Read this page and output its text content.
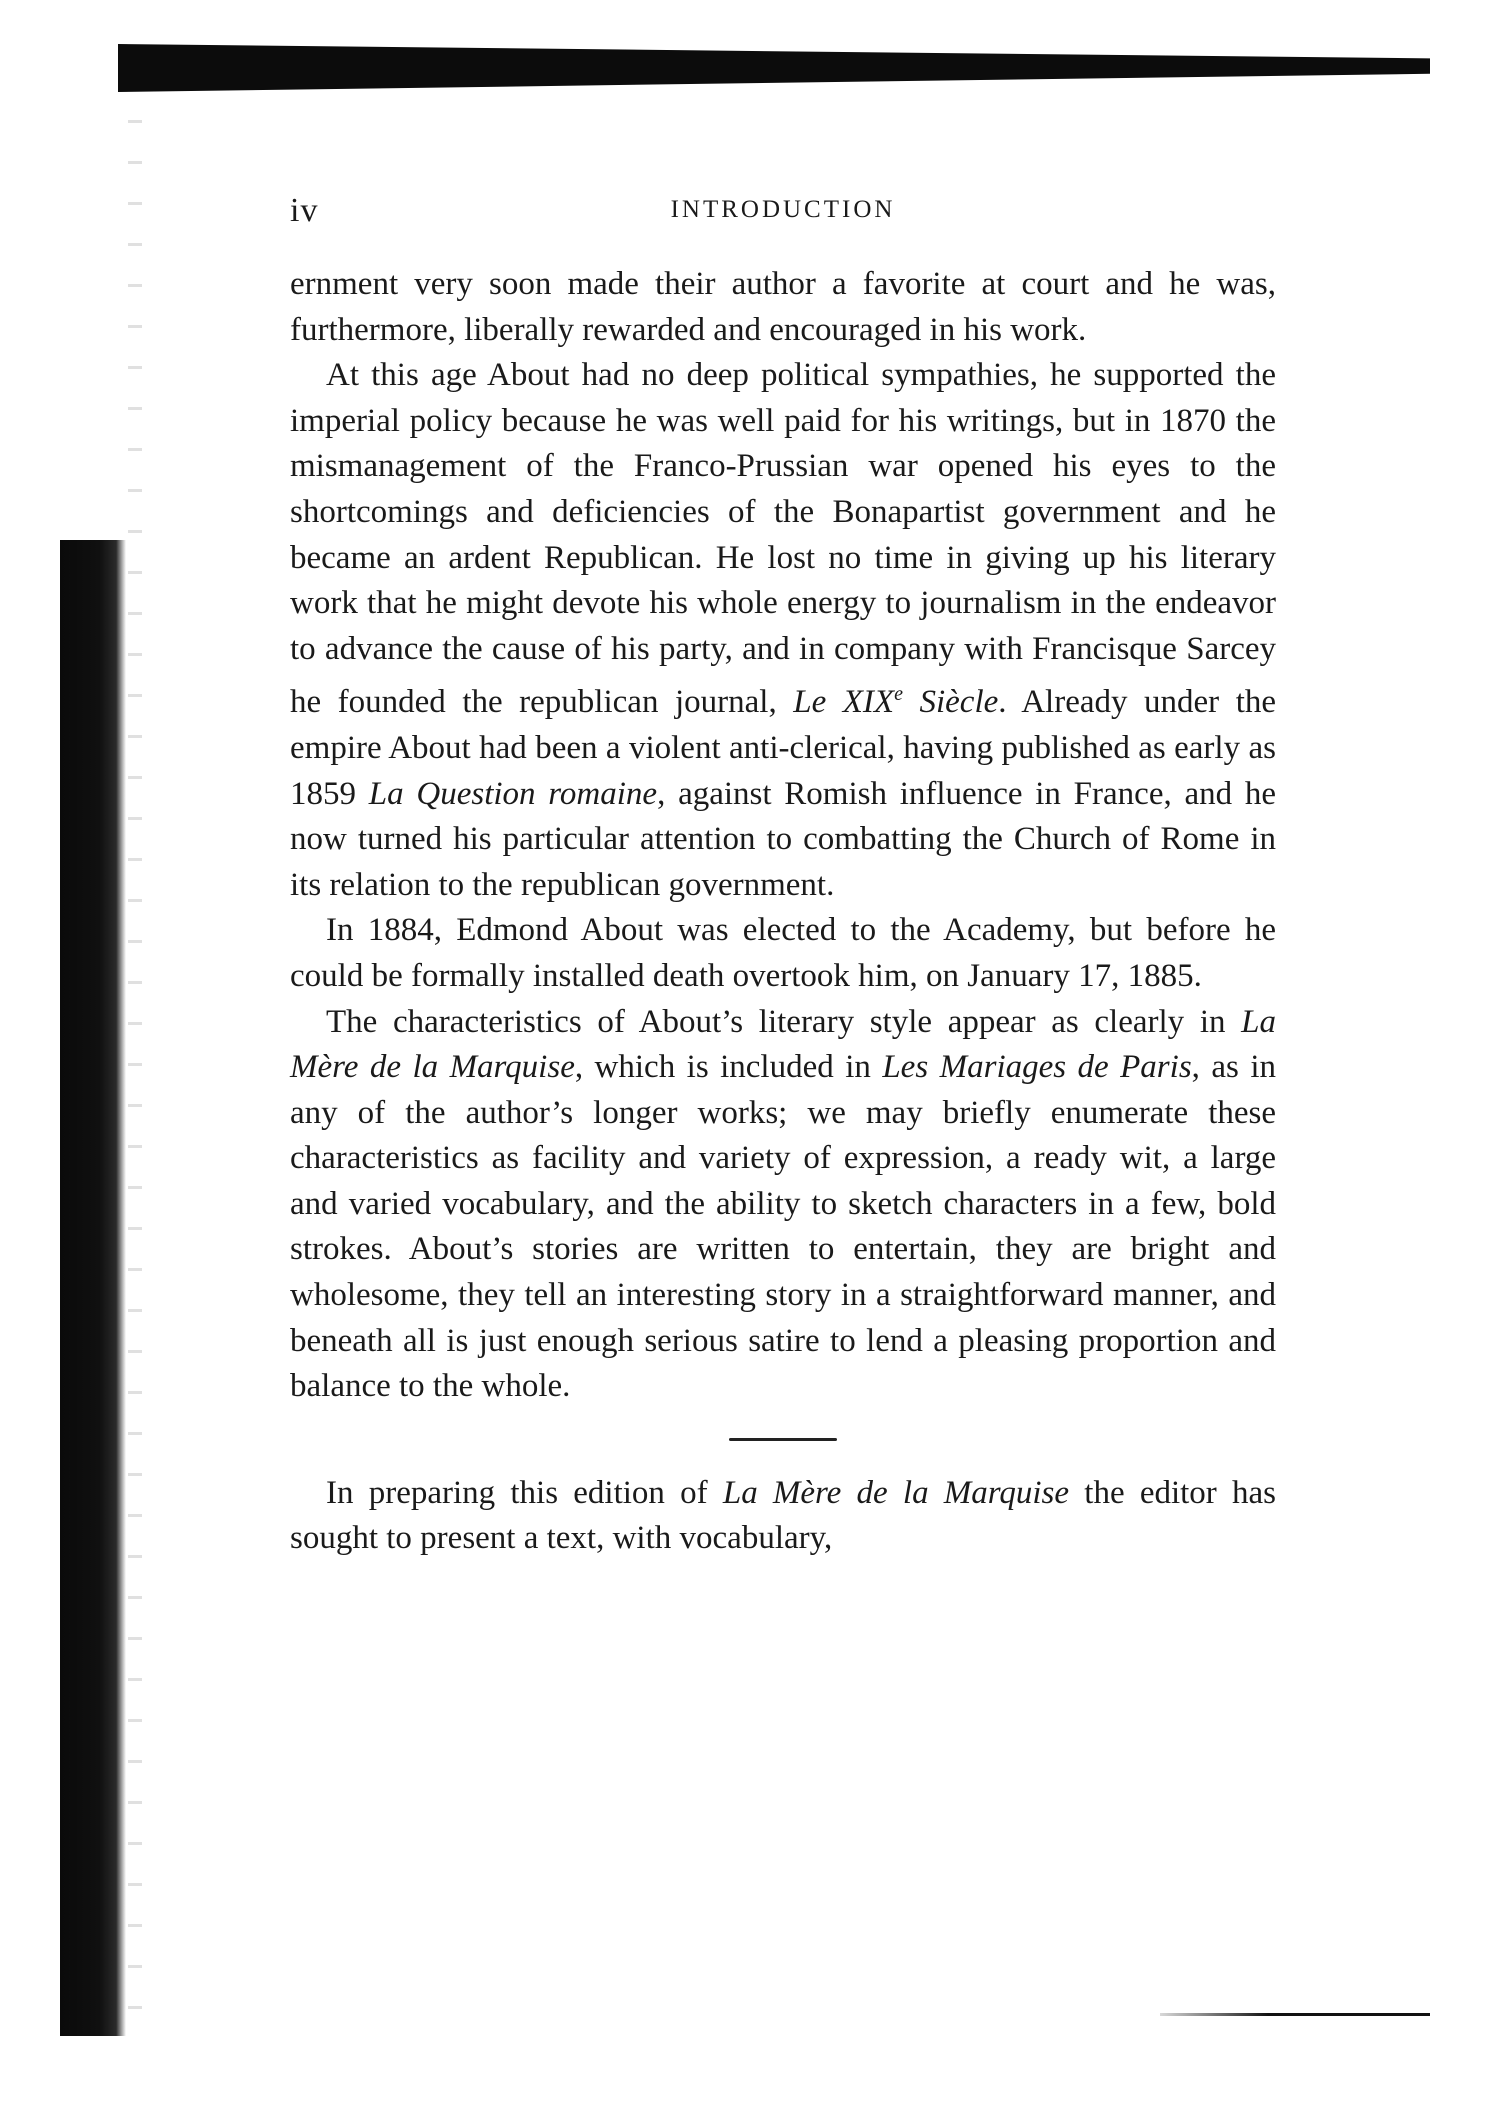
iv	INTRODUCTION

ernment very soon made their author a favorite at court and he was, furthermore, liberally rewarded and encouraged in his work.

At this age About had no deep political sympathies, he supported the imperial policy because he was well paid for his writings, but in 1870 the mismanagement of the Franco-Prussian war opened his eyes to the shortcomings and deficiencies of the Bonapartist government and he became an ardent Republican. He lost no time in giving up his literary work that he might devote his whole energy to journalism in the endeavor to advance the cause of his party, and in company with Francisque Sarcey he founded the republican journal, Le XIXe Siècle. Already under the empire About had been a violent anti-clerical, having published as early as 1859 La Question romaine, against Romish influence in France, and he now turned his particular attention to combatting the Church of Rome in its relation to the republican government.

In 1884, Edmond About was elected to the Academy, but before he could be formally installed death overtook him, on January 17, 1885.

The characteristics of About’s literary style appear as clearly in La Mère de la Marquise, which is included in Les Mariages de Paris, as in any of the author’s longer works; we may briefly enumerate these characteristics as facility and variety of expression, a ready wit, a large and varied vocabulary, and the ability to sketch characters in a few, bold strokes. About’s stories are written to entertain, they are bright and wholesome, they tell an interesting story in a straightforward manner, and beneath all is just enough serious satire to lend a pleasing proportion and balance to the whole.

In preparing this edition of La Mère de la Marquise the editor has sought to present a text, with vocabulary,
